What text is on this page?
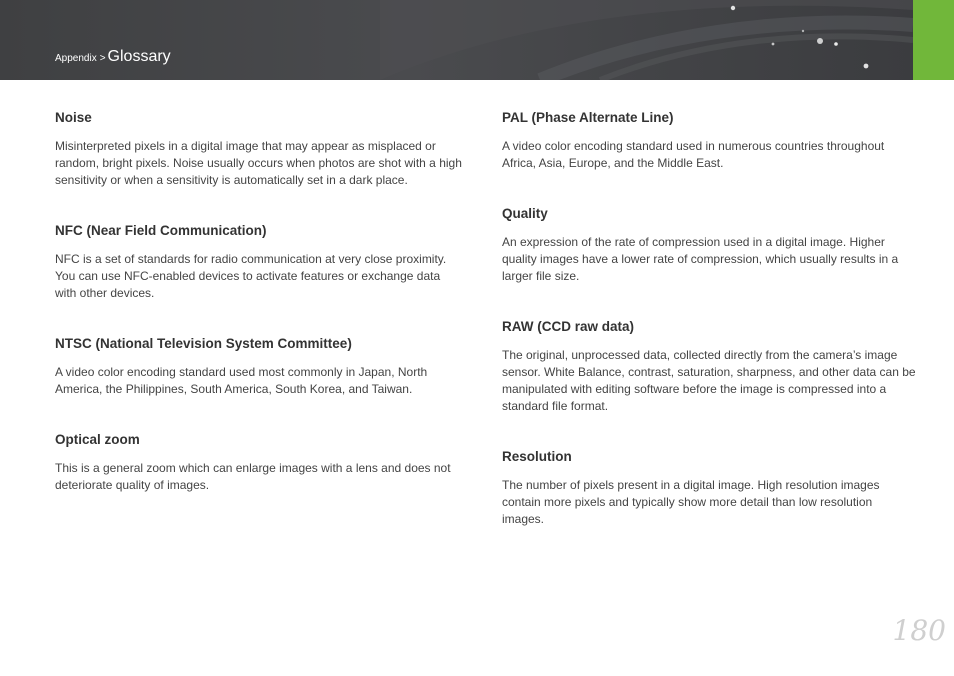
Appendix > Glossary
Noise

Misinterpreted pixels in a digital image that may appear as misplaced or random, bright pixels. Noise usually occurs when photos are shot with a high sensitivity or when a sensitivity is automatically set in a dark place.

NFC (Near Field Communication)

NFC is a set of standards for radio communication at very close proximity. You can use NFC-enabled devices to activate features or exchange data with other devices.

NTSC (National Television System Committee)

A video color encoding standard used most commonly in Japan, North America, the Philippines, South America, South Korea, and Taiwan.

Optical zoom

This is a general zoom which can enlarge images with a lens and does not deteriorate quality of images.

PAL (Phase Alternate Line)

A video color encoding standard used in numerous countries throughout Africa, Asia, Europe, and the Middle East.

Quality

An expression of the rate of compression used in a digital image. Higher quality images have a lower rate of compression, which usually results in a larger file size.

RAW (CCD raw data)

The original, unprocessed data, collected directly from the camera’s image sensor. White Balance, contrast, saturation, sharpness, and other data can be manipulated with editing software before the image is compressed into a standard file format.

Resolution

The number of pixels present in a digital image. High resolution images contain more pixels and typically show more detail than low resolution images.

180
